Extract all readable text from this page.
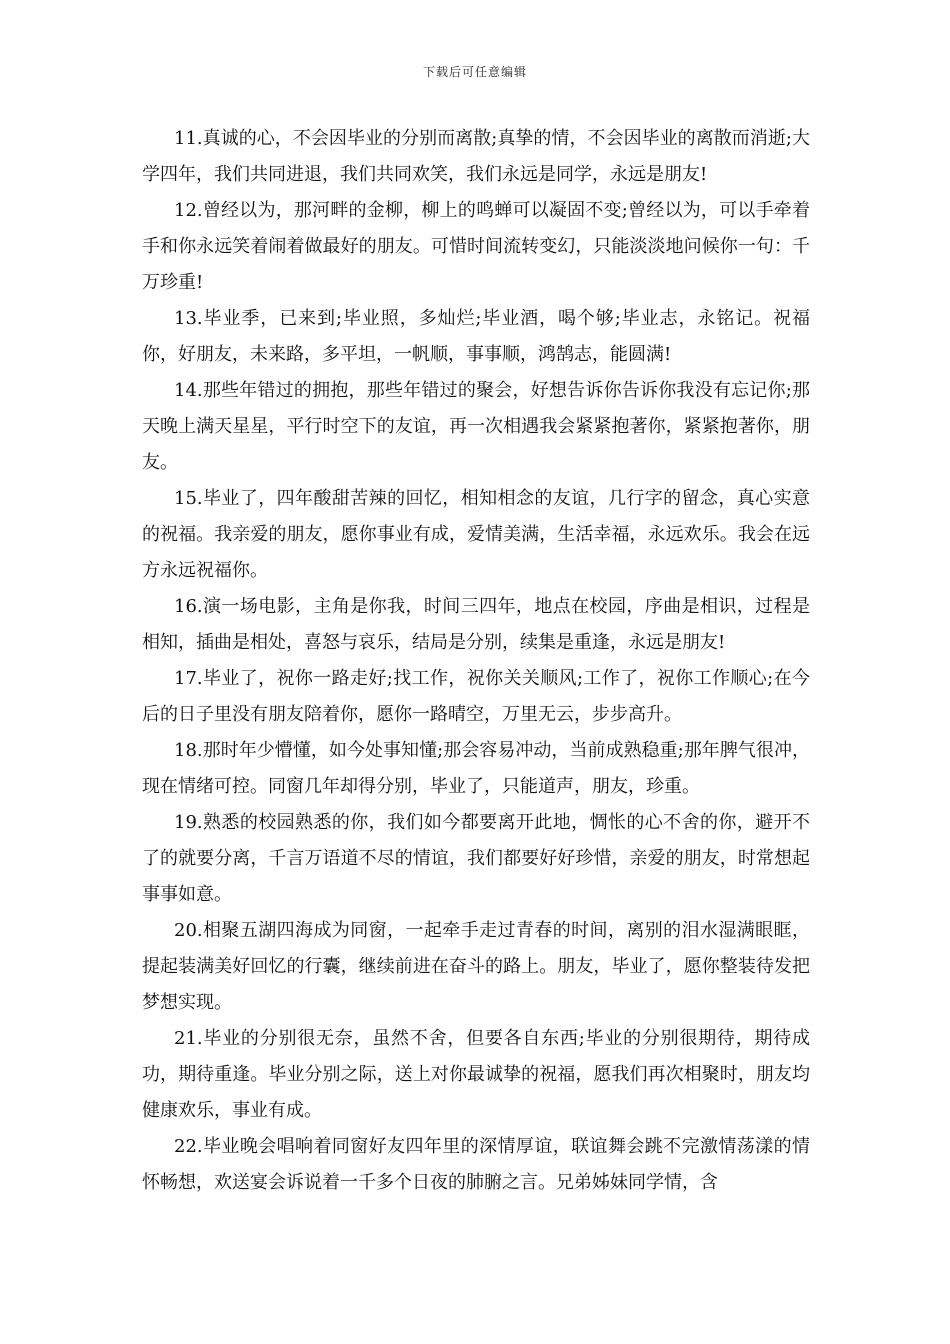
下载后可任意编辑

11.真诚的心，不会因毕业的分别而离散;真挚的情，不会因毕业的离散而消逝;大学四年，我们共同进退，我们共同欢笑，我们永远是同学，永远是朋友!

12.曾经以为，那河畔的金柳，柳上的鸣蝉可以凝固不变;曾经以为，可以手牵着手和你永远笑着闹着做最好的朋友。可惜时间流转变幻，只能淡淡地问候你一句：千万珍重!

13.毕业季，已来到;毕业照，多灿烂;毕业酒，喝个够;毕业志，永铭记。祝福你，好朋友，未来路，多平坦，一帆顺，事事顺，鸿鹄志，能圆满!

14.那些年错过的拥抱，那些年错过的聚会，好想告诉你告诉你我没有忘记你;那天晚上满天星星，平行时空下的友谊，再一次相遇我会紧紧抱著你，紧紧抱著你，朋友。

15.毕业了，四年酸甜苦辣的回忆，相知相念的友谊，几行字的留念，真心实意的祝福。我亲爱的朋友，愿你事业有成，爱情美满，生活幸福，永远欢乐。我会在远方永远祝福你。

16.演一场电影，主角是你我，时间三四年，地点在校园，序曲是相识，过程是相知，插曲是相处，喜怒与哀乐，结局是分别，续集是重逢，永远是朋友!

17.毕业了，祝你一路走好;找工作，祝你关关顺风;工作了，祝你工作顺心;在今后的日子里没有朋友陪着你，愿你一路晴空，万里无云，步步高升。

18.那时年少懵懂，如今处事知懂;那会容易冲动，当前成熟稳重;那年脾气很冲，现在情绪可控。同窗几年却得分别，毕业了，只能道声，朋友，珍重。

19.熟悉的校园熟悉的你，我们如今都要离开此地，惆怅的心不舍的你，避开不了的就要分离，千言万语道不尽的情谊，我们都要好好珍惜，亲爱的朋友，时常想起事事如意。

20.相聚五湖四海成为同窗，一起牵手走过青春的时间，离别的泪水湿满眼眶，提起装满美好回忆的行囊，继续前进在奋斗的路上。朋友，毕业了，愿你整装待发把梦想实现。

21.毕业的分别很无奈，虽然不舍，但要各自东西;毕业的分别很期待，期待成功，期待重逢。毕业分别之际，送上对你最诚挚的祝福，愿我们再次相聚时，朋友均健康欢乐，事业有成。

22.毕业晚会唱响着同窗好友四年里的深情厚谊，联谊舞会跳不完激情荡漾的情怀畅想，欢送宴会诉说着一千多个日夜的肺腑之言。兄弟姊妹同学情，含
